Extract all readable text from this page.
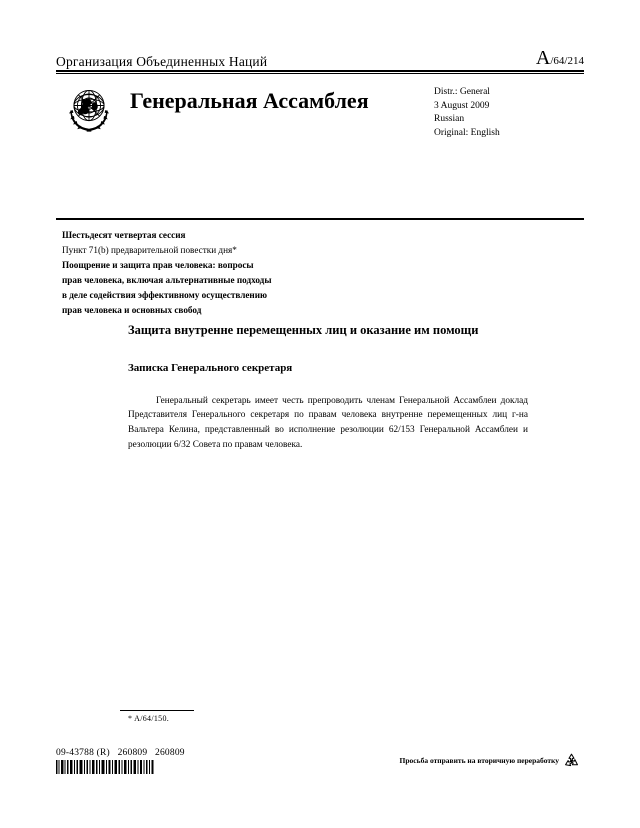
Организация Объединенных Наций	A/64/214
Генеральная Ассамблея	Distr.: General
3 August 2009
Russian
Original: English
Шестьдесят четвертая сессия
Пункт 71(b) предварительной повестки дня*
Поощрение и защита прав человека: вопросы
прав человека, включая альтернативные подходы
в деле содействия эффективному осуществлению
прав человека и основных свобод
Защита внутренне перемещенных лиц и оказание им помощи
Записка Генерального секретаря

Генеральный секретарь имеет честь препроводить членам Генеральной Ассамблеи доклад Представителя Генерального секретаря по правам человека внутренне перемещенных лиц г-на Вальтера Келина, представленный во исполнение резолюции 62/153 Генеральной Ассамблеи и резолюции 6/32 Совета по правам человека.

* A/64/150.
09-43788 (R) 260809 260809
Просьба отправить на вторичную переработку
